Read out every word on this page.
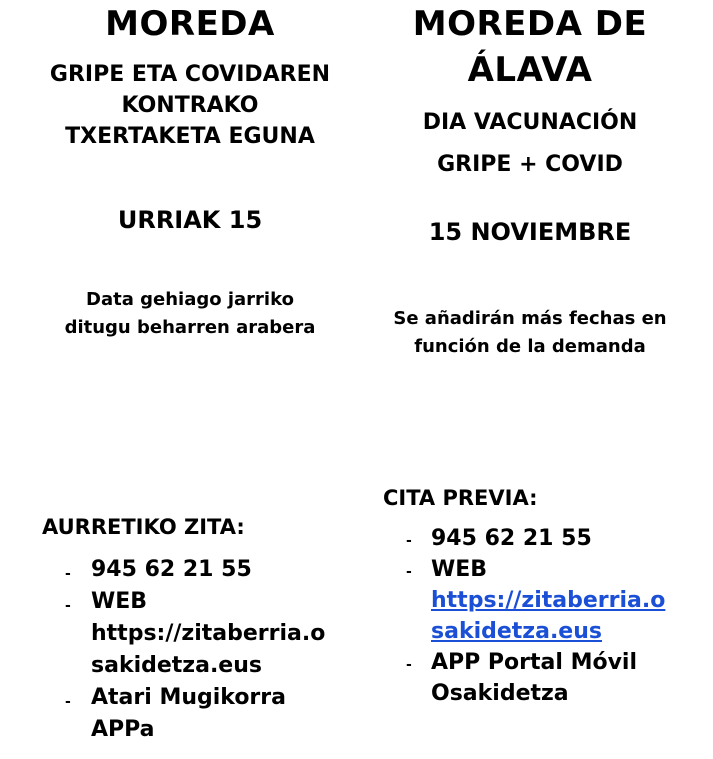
MOREDA
GRIPE ETA COVIDAREN
KONTRAKO
TXERTAKETA EGUNA
URRIAK 15
Data gehiago jarriko
ditugu beharren arabera
AURRETIKO ZITA:
- 945 62 21 55
- WEB
https://zitaberria.o
sakidetza.eus
- Atari Mugikorra
APPa
MOREDA DE
ÁLAVA
DIA VACUNACIÓN
GRIPE + COVID
15 NOVIEMBRE
Se añadirán más fechas en
función de la demanda
CITA PREVIA:
- 945 62 21 55
- WEB
https://zitaberria.o
sakidetza.eus
- APP Portal Móvil
Osakidetza
